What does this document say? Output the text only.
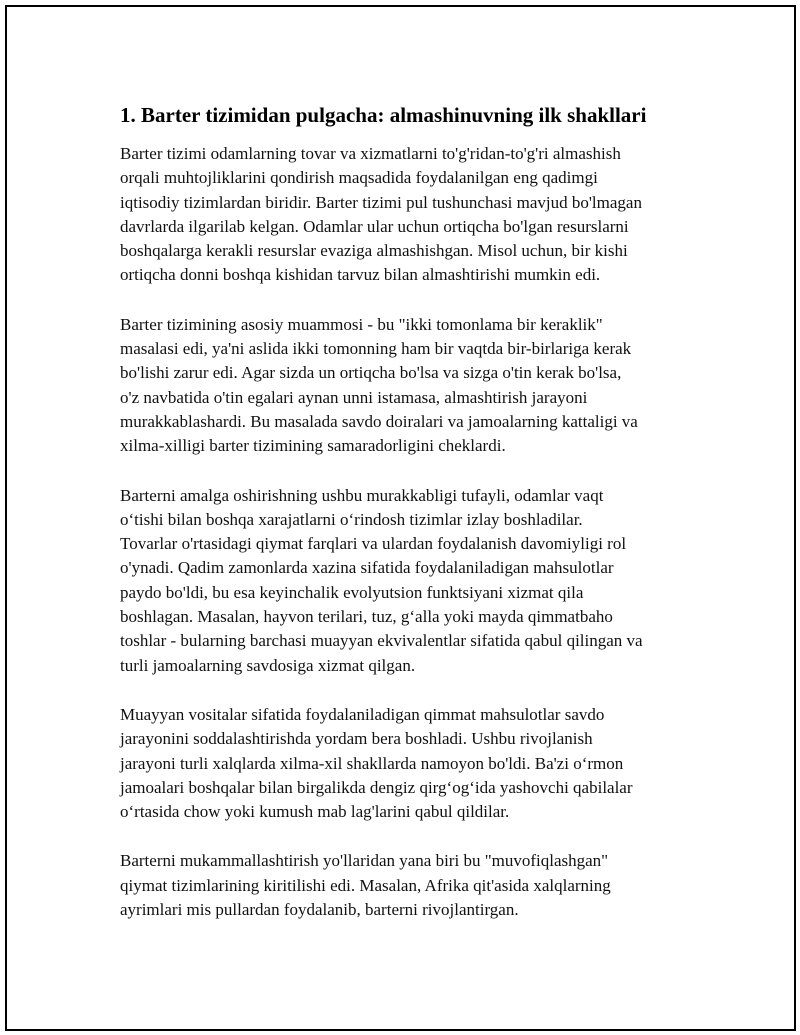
1. Barter tizimidan pulgacha: almashinuvning ilk shakllari

Barter tizimi odamlarning tovar va xizmatlarni to'g'ridan-to'g'ri almashish
orqali muhtojliklarini qondirish maqsadida foydalanilgan eng qadimgi
iqtisodiy tizimlardan biridir. Barter tizimi pul tushunchasi mavjud bo'lmagan
davrlarda ilgarilab kelgan. Odamlar ular uchun ortiqcha bo'lgan resurslarni
boshqalarga kerakli resurslar evaziga almashishgan. Misol uchun, bir kishi
ortiqcha donni boshqa kishidan tarvuz bilan almashtirishi mumkin edi.

Barter tizimining asosiy muammosi - bu "ikki tomonlama bir keraklik"
masalasi edi, ya'ni aslida ikki tomonning ham bir vaqtda bir-birlariga kerak
bo'lishi zarur edi. Agar sizda un ortiqcha bo'lsa va sizga o'tin kerak bo'lsa,
o'z navbatida o'tin egalari aynan unni istamasa, almashtirish jarayoni
murakkablashardi. Bu masalada savdo doiralari va jamoalarning kattaligi va
xilma-xilligi barter tizimining samaradorligini cheklardi.

Barterni amalga oshirishning ushbu murakkabligi tufayli, odamlar vaqt
o‘tishi bilan boshqa xarajatlarni o‘rindosh tizimlar izlay boshladilar.
Tovarlar o'rtasidagi qiymat farqlari va ulardan foydalanish davomiyligi rol
o'ynadi. Qadim zamonlarda xazina sifatida foydalaniladigan mahsulotlar
paydo bo'ldi, bu esa keyinchalik evolyutsion funktsiyani xizmat qila
boshlagan. Masalan, hayvon terilari, tuz, g‘alla yoki mayda qimmatbaho
toshlar - bularning barchasi muayyan ekvivalentlar sifatida qabul qilingan va
turli jamoalarning savdosiga xizmat qilgan.

Muayyan vositalar sifatida foydalaniladigan qimmat mahsulotlar savdo
jarayonini soddalashtirishda yordam bera boshladi. Ushbu rivojlanish
jarayoni turli xalqlarda xilma-xil shakllarda namoyon bo'ldi. Ba'zi o‘rmon
jamoalari boshqalar bilan birgalikda dengiz qirg‘og‘ida yashovchi qabilalar
o‘rtasida chow yoki kumush mab lag'larini qabul qildilar.

Barterni mukammallashtirish yo'llaridan yana biri bu "muvofiqlashgan"
qiymat tizimlarining kiritilishi edi. Masalan, Afrika qit'asida xalqlarning
ayrimlari mis pullardan foydalanib, barterni rivojlantirgan.
